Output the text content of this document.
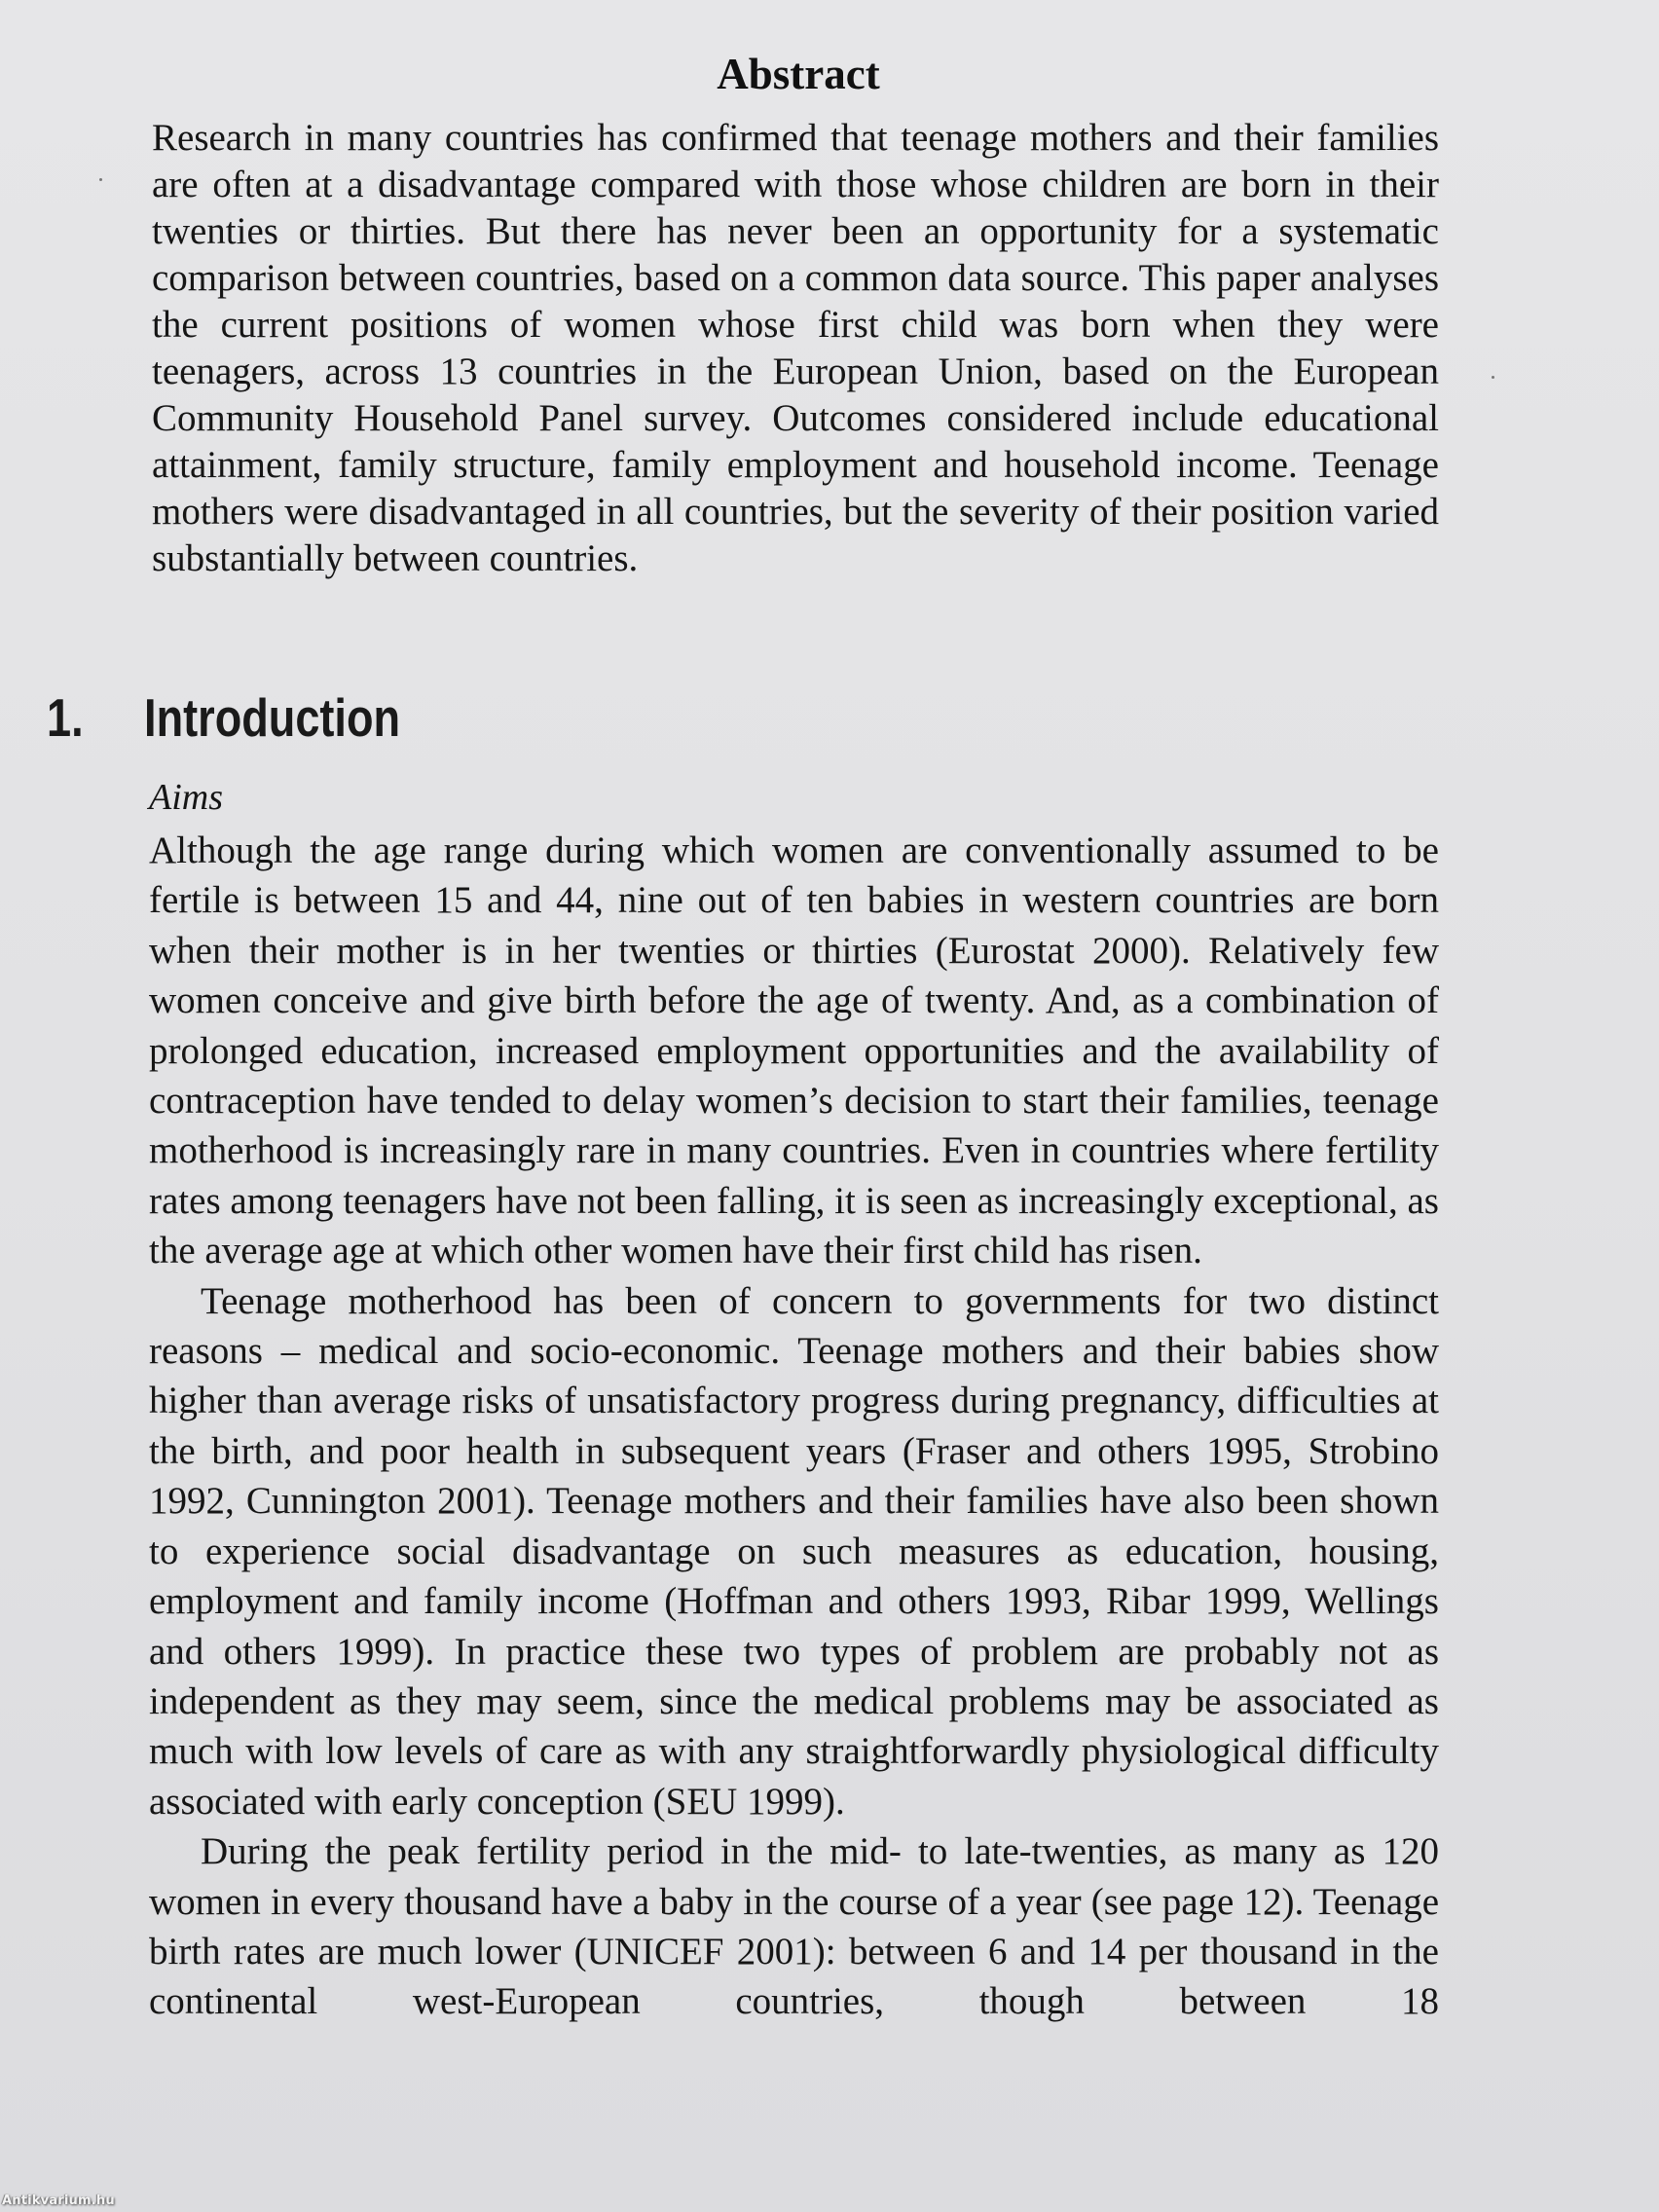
Abstract

Research in many countries has confirmed that teenage mothers and their families are often at a disadvantage compared with those whose children are born in their twenties or thirties. But there has never been an opportunity for a systematic comparison between countries, based on a common data source. This paper analyses the current positions of women whose first child was born when they were teenagers, across 13 countries in the European Union, based on the European Community Household Panel survey. Outcomes considered include educational attainment, family structure, family employment and household income. Teenage mothers were disadvantaged in all countries, but the severity of their position varied substantially between countries.

1. Introduction
Aims

Although the age range during which women are conventionally assumed to be fertile is between 15 and 44, nine out of ten babies in western countries are born when their mother is in her twenties or thirties (Eurostat 2000). Relatively few women conceive and give birth before the age of twenty. And, as a combination of prolonged education, increased employment opportunities and the availability of contraception have tended to delay women’s decision to start their families, teenage motherhood is increasingly rare in many countries. Even in countries where fertility rates among teenagers have not been falling, it is seen as increasingly exceptional, as the average age at which other women have their first child has risen.

Teenage motherhood has been of concern to governments for two distinct reasons – medical and socio-economic. Teenage mothers and their babies show higher than average risks of unsatisfactory progress during pregnancy, difficulties at the birth, and poor health in subsequent years (Fraser and others 1995, Strobino 1992, Cunnington 2001). Teenage mothers and their families have also been shown to experience social disadvantage on such measures as education, housing, employment and family income (Hoffman and others 1993, Ribar 1999, Wellings and others 1999). In practice these two types of problem are probably not as independent as they may seem, since the medical problems may be associated as much with low levels of care as with any straightforwardly physiological difficulty associated with early conception (SEU 1999).

During the peak fertility period in the mid- to late-twenties, as many as 120 women in every thousand have a baby in the course of a year (see page 12). Teenage birth rates are much lower (UNICEF 2001): between 6 and 14 per thousand in the continental west-European countries, though between 18

Antikvarium.hu
